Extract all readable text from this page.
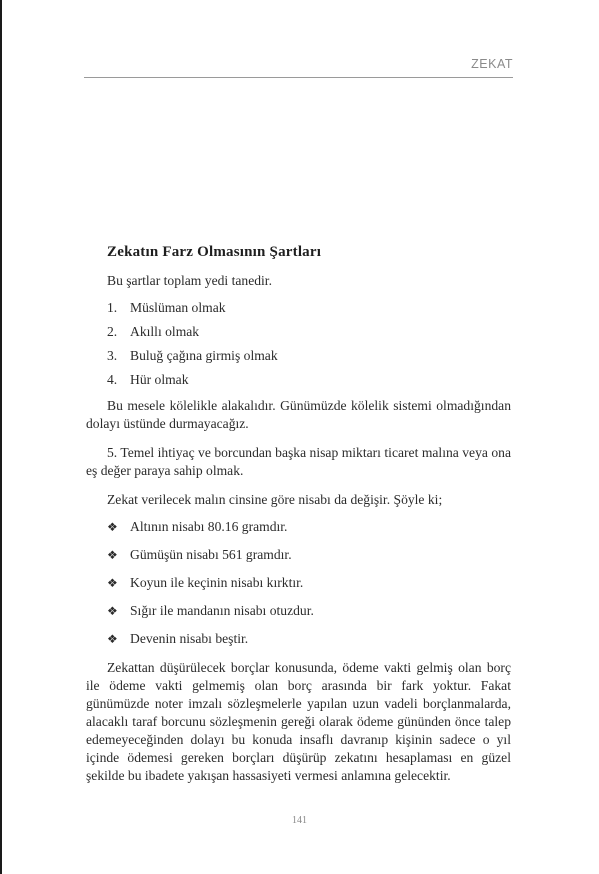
ZEKAT
Zekatın Farz Olmasının Şartları

Bu şartlar toplam yedi tanedir.

1. Müslüman olmak
2. Akıllı olmak
3. Buluğ çağına girmiş olmak
4. Hür olmak

Bu mesele kölelikle alakalıdır. Günümüzde kölelik sistemi olmadığından dolayı üstünde durmayacağız.

5. Temel ihtiyaç ve borcundan başka nisap miktarı ticaret malına veya ona eş değer paraya sahip olmak.

Zekat verilecek malın cinsine göre nisabı da değişir. Şöyle ki;

❖ Altının nisabı 80.16 gramdır.
❖ Gümüşün nisabı 561 gramdır.
❖ Koyun ile keçinin nisabı kırktır.
❖ Sığır ile mandanın nisabı otuzdur.
❖ Devenin nisabı beştir.

Zekattan düşürülecek borçlar konusunda, ödeme vakti gelmiş olan borç ile ödeme vakti gelmemiş olan borç arasında bir fark yoktur. Fakat günümüzde noter imzalı sözleşmelerle yapılan uzun vadeli borçlanmalarda, alacaklı taraf borcunu sözleşmenin gereği olarak ödeme gününden önce talep edemeyeceğinden dolayı bu konuda insaflı davranıp kişinin sadece o yıl içinde ödemesi gereken borçları düşürüp zekatını hesaplaması en güzel şekilde bu ibadete yakışan hassasiyeti vermesi anlamına gelecektir.

141
